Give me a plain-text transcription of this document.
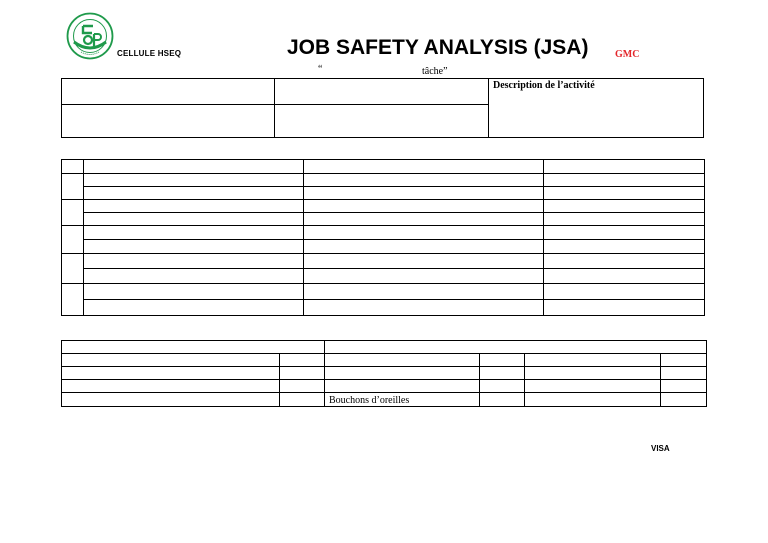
CELLULE HSEQ	JOB SAFETY ANALYSIS (JSA)	GMC
“	tâche”
		Description de l’activité

		Bouchons d’oreilles			
VISA
